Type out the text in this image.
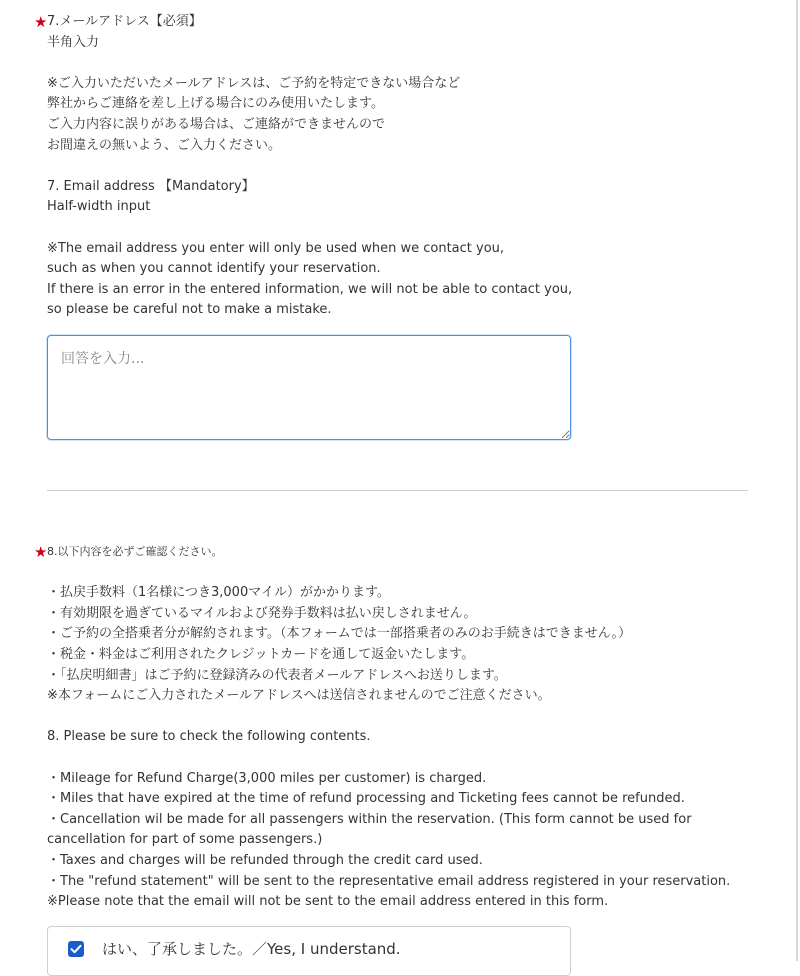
★ 7.メールアドレス【必須】
半角入力
※ご入力いただいたメールアドレスは、ご予約を特定できない場合など
弊社からご連絡を差し上げる場合にのみ使用いたします。
ご入力内容に誤りがある場合は、ご連絡ができませんので
お間違えの無いよう、ご入力ください。
7. Email address 【Mandatory】
Half-width input
※The email address you enter will only be used when we contact you,
such as when you cannot identify your reservation.
If there is an error in the entered information, we will not be able to contact you,
so please be careful not to make a mistake.
回答を入力...
★ 8.以下内容を必ずご確認ください。
・払戻手数料（1名様につき3,000マイル）がかかります。
・有効期限を過ぎているマイルおよび発券手数料は払い戻しされません。
・ご予約の全搭乗者分が解約されます。（本フォームでは一部搭乗者のみのお手続きはできません。）
・税金・料金はご利用されたクレジットカードを通して返金いたします。
・「払戻明細書」はご予約に登録済みの代表者メールアドレスへお送りします。
※本フォームにご入力されたメールアドレスへは送信されませんのでご注意ください。
8. Please be sure to check the following contents.
・Mileage for Refund Charge(3,000 miles per customer) is charged.
・Miles that have expired at the time of refund processing and Ticketing fees cannot be refunded.
・Cancellation wil be made for all passengers within the reservation. (This form cannot be used for
cancellation for part of some passengers.)
・Taxes and charges will be refunded through the credit card used.
・The "refund statement" will be sent to the representative email address registered in your reservation.
※Please note that the email will not be sent to the email address entered in this form.
はい、了承しました。／Yes, I understand.
